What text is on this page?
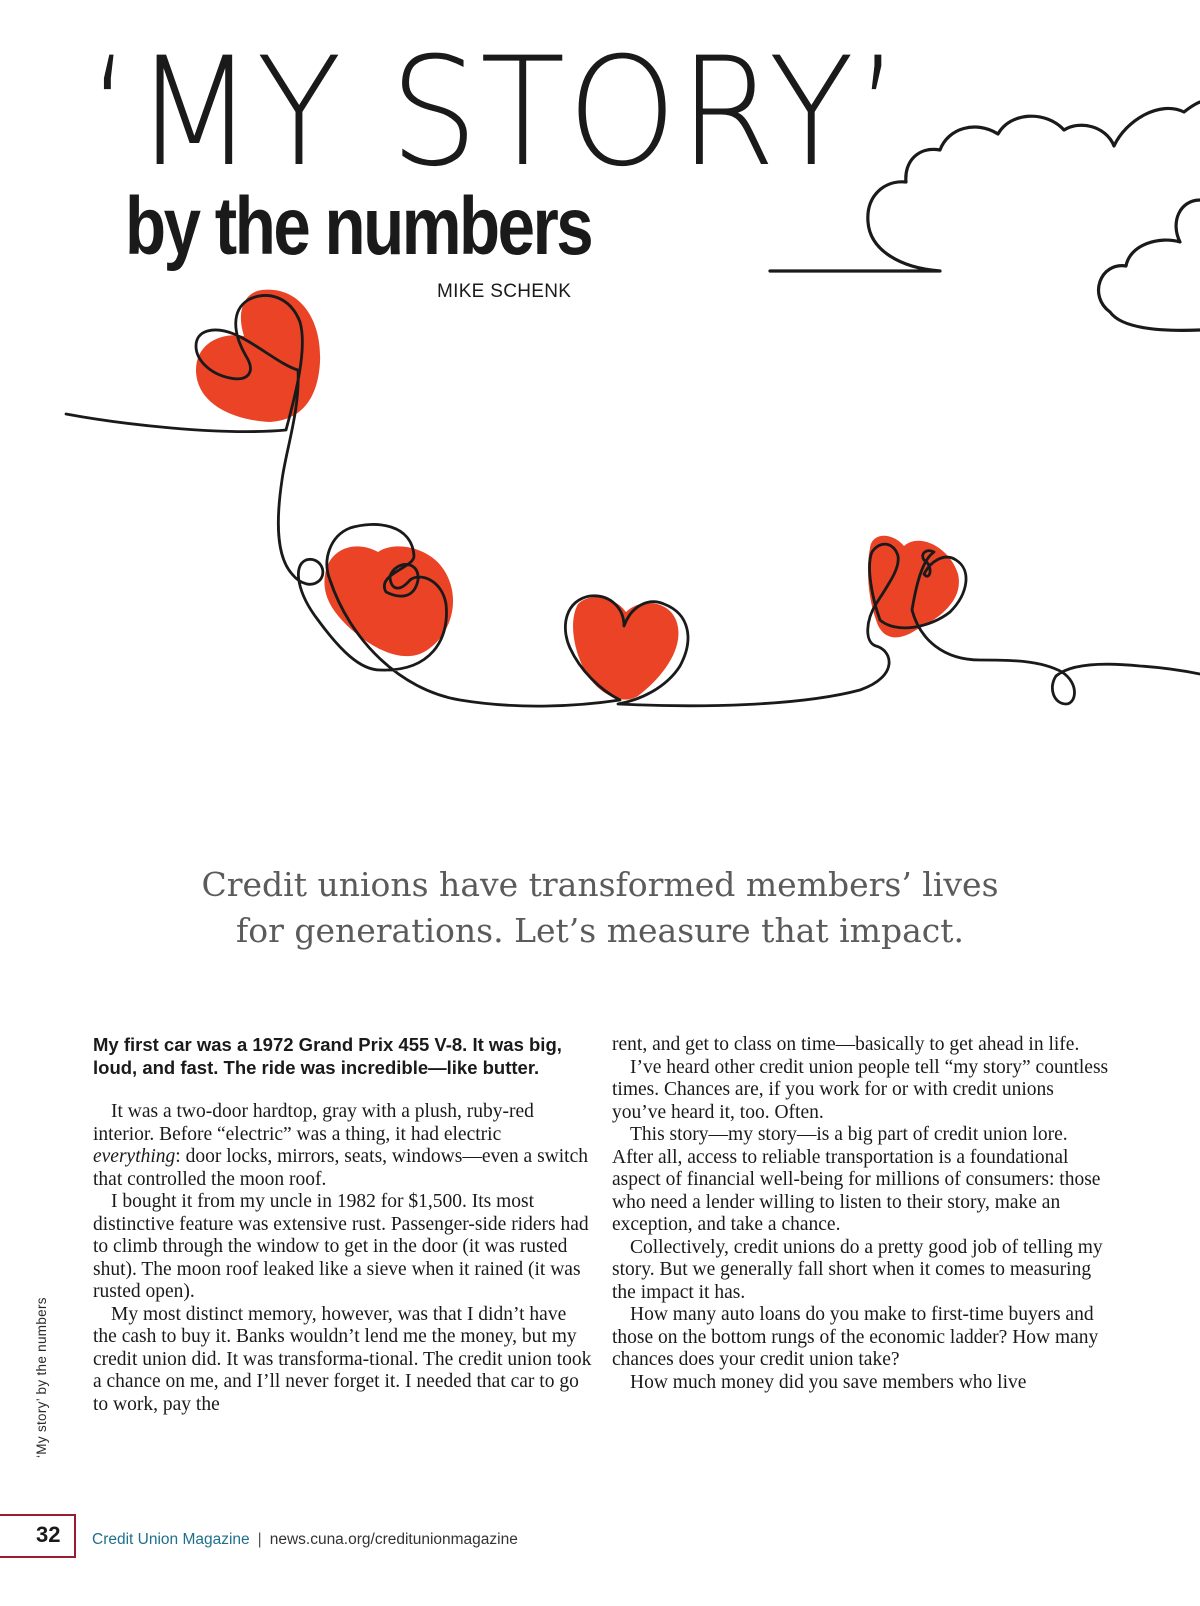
‘MY STORY’
by the numbers
MIKE SCHENK
Credit unions have transformed members’ lives
for generations. Let’s measure that impact.

My first car was a 1972 Grand Prix 455 V-8. It was big, loud, and fast. The ride was incredible—like butter.

It was a two-door hardtop, gray with a plush, ruby-red interior. Before “electric” was a thing, it had electric everything: door locks, mirrors, seats, windows—even a switch that controlled the moon roof.

I bought it from my uncle in 1982 for $1,500. Its most distinctive feature was extensive rust. Passenger-side riders had to climb through the window to get in the door (it was rusted shut). The moon roof leaked like a sieve when it rained (it was rusted open).

My most distinct memory, however, was that I didn’t have the cash to buy it. Banks wouldn’t lend me the money, but my credit union did. It was transforma-tional. The credit union took a chance on me, and I’ll never forget it. I needed that car to go to work, pay the

rent, and get to class on time—basically to get ahead in life.

I’ve heard other credit union people tell “my story” countless times. Chances are, if you work for or with credit unions you’ve heard it, too. Often.

This story—my story—is a big part of credit union lore. After all, access to reliable transportation is a foundational aspect of financial well-being for millions of consumers: those who need a lender willing to listen to their story, make an exception, and take a chance.

Collectively, credit unions do a pretty good job of telling my story. But we generally fall short when it comes to measuring the impact it has.

How many auto loans do you make to first-time buyers and those on the bottom rungs of the economic ladder? How many chances does your credit union take?

How much money did you save members who live

‘My story’ by the numbers
32 Credit Union Magazine | news.cuna.org/creditunionmagazine
